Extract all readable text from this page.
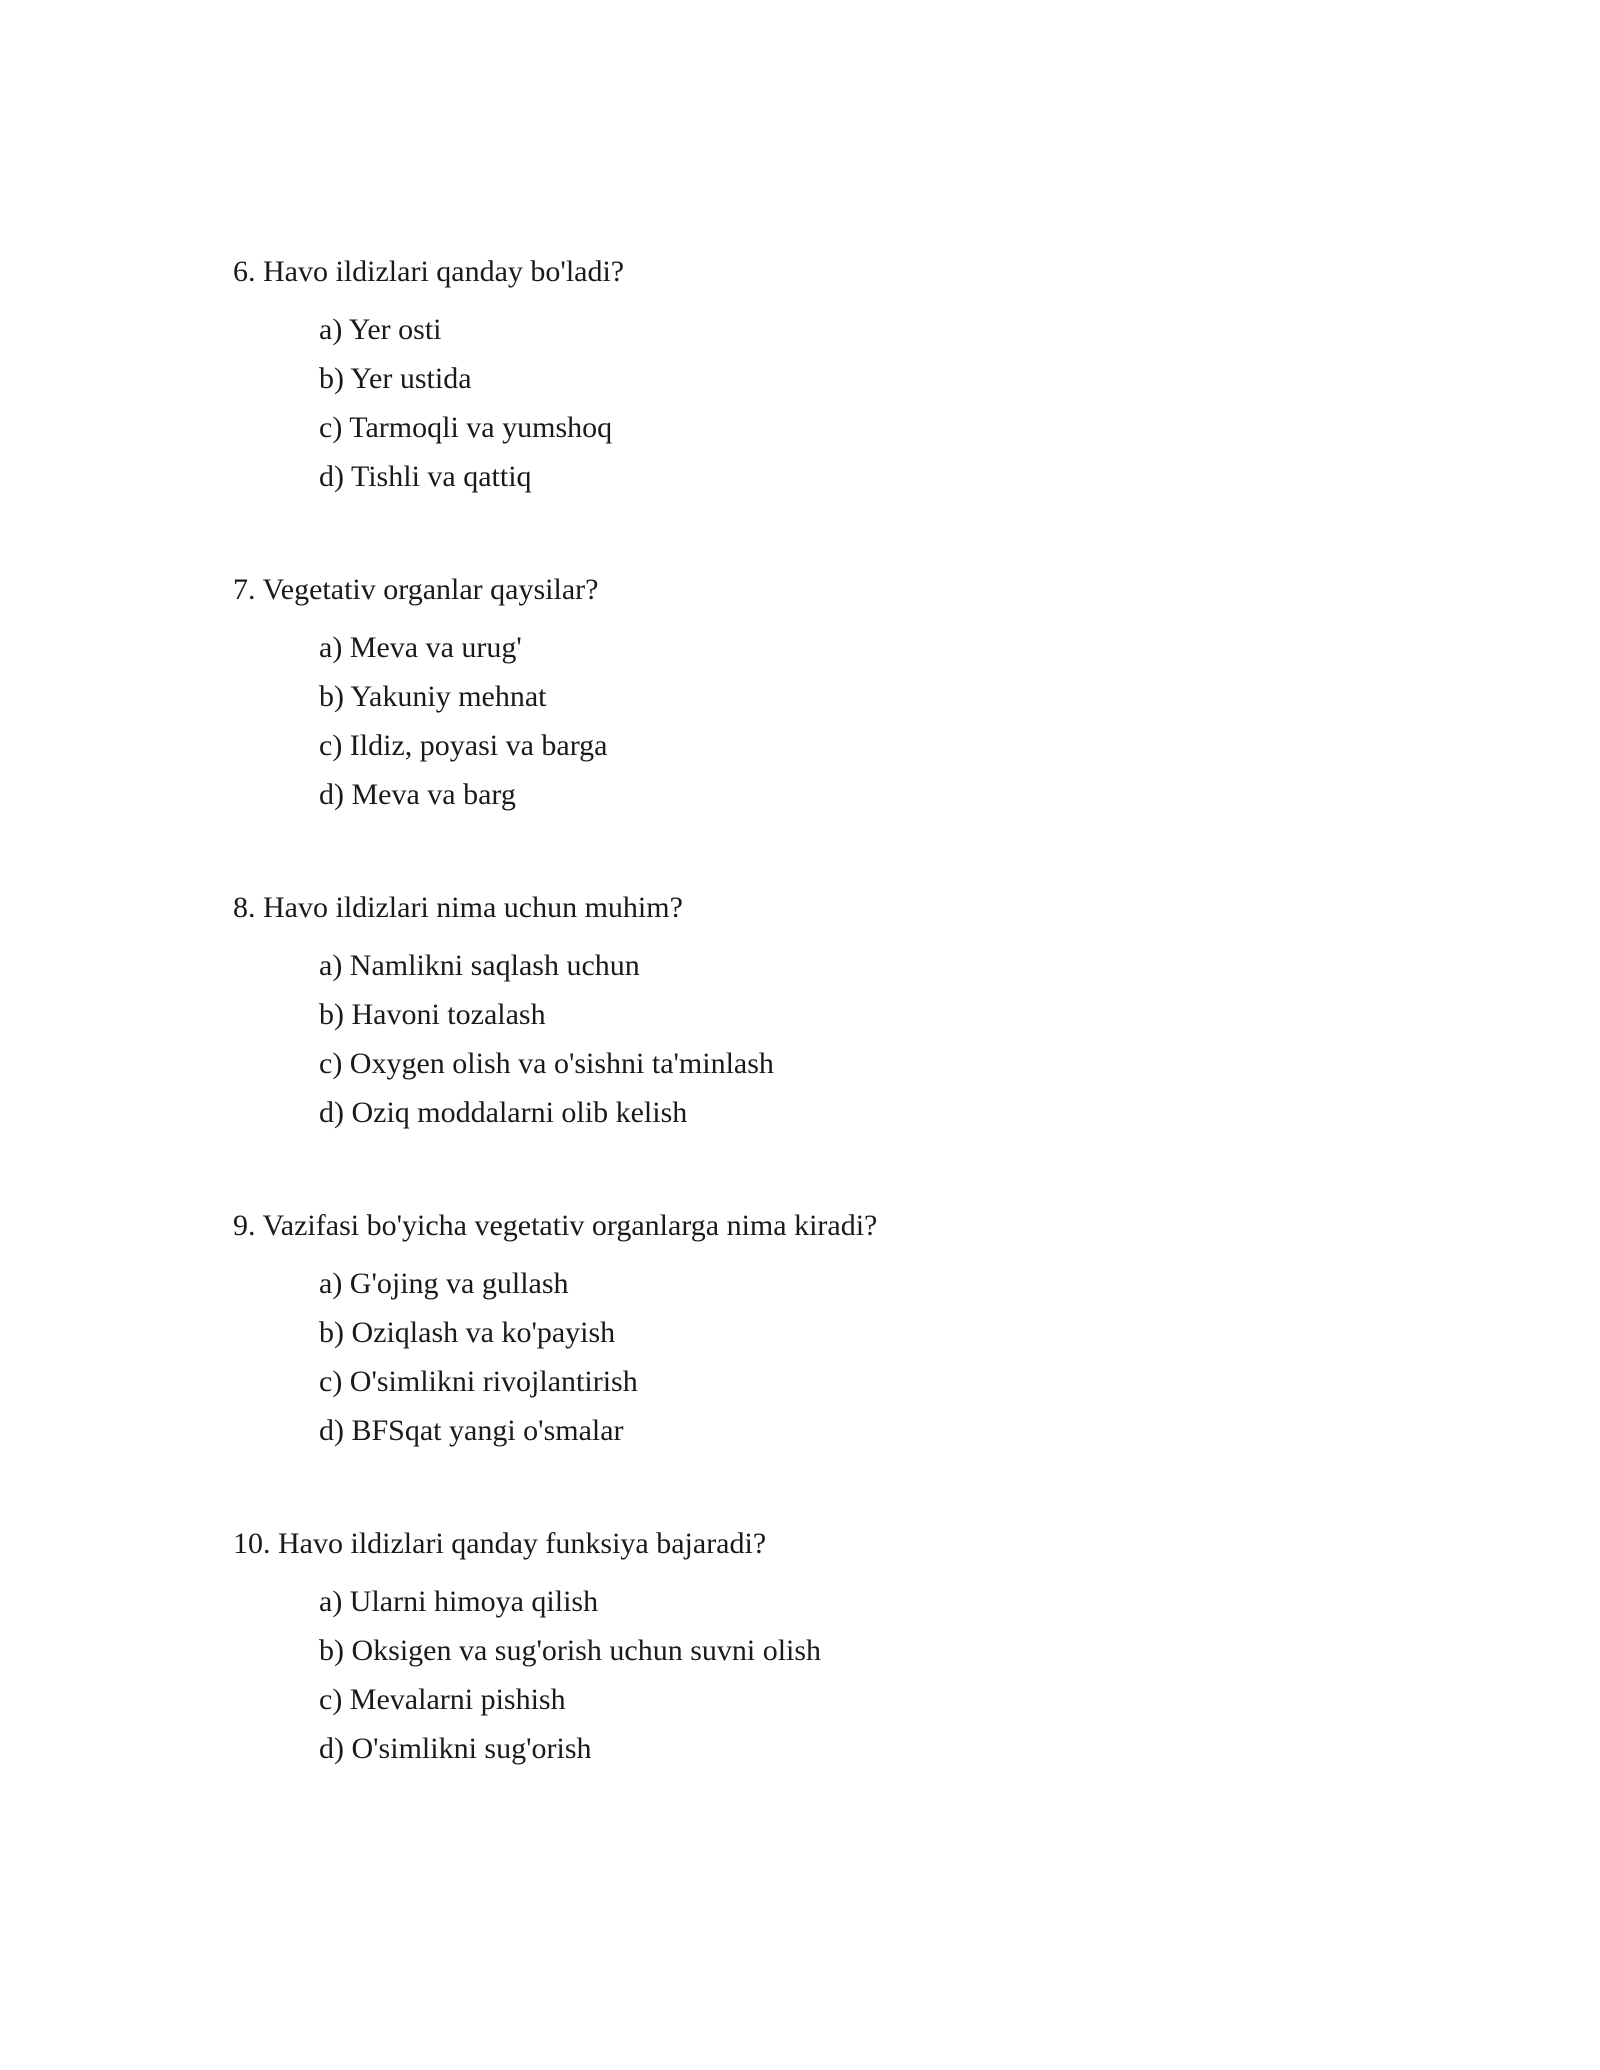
6. Havo ildizlari qanday bo'ladi?

a) Yer osti
b) Yer ustida
c) Tarmoqli va yumshoq
d) Tishli va qattiq

7. Vegetativ organlar qaysilar?

a) Meva va urug'
b) Yakuniy mehnat
c) Ildiz, poyasi va barga
d) Meva va barg

8. Havo ildizlari nima uchun muhim?

a) Namlikni saqlash uchun
b) Havoni tozalash
c) Oxygen olish va o'sishni ta'minlash
d) Oziq moddalarni olib kelish

9. Vazifasi bo'yicha vegetativ organlarga nima kiradi?

a) G'ojing va gullash
b) Oziqlash va ko'payish
c) O'simlikni rivojlantirish
d) BFSqat yangi o'smalar

10. Havo ildizlari qanday funksiya bajaradi?

a) Ularni himoya qilish
b) Oksigen va sug'orish uchun suvni olish
c) Mevalarni pishish
d) O'simlikni sug'orish
